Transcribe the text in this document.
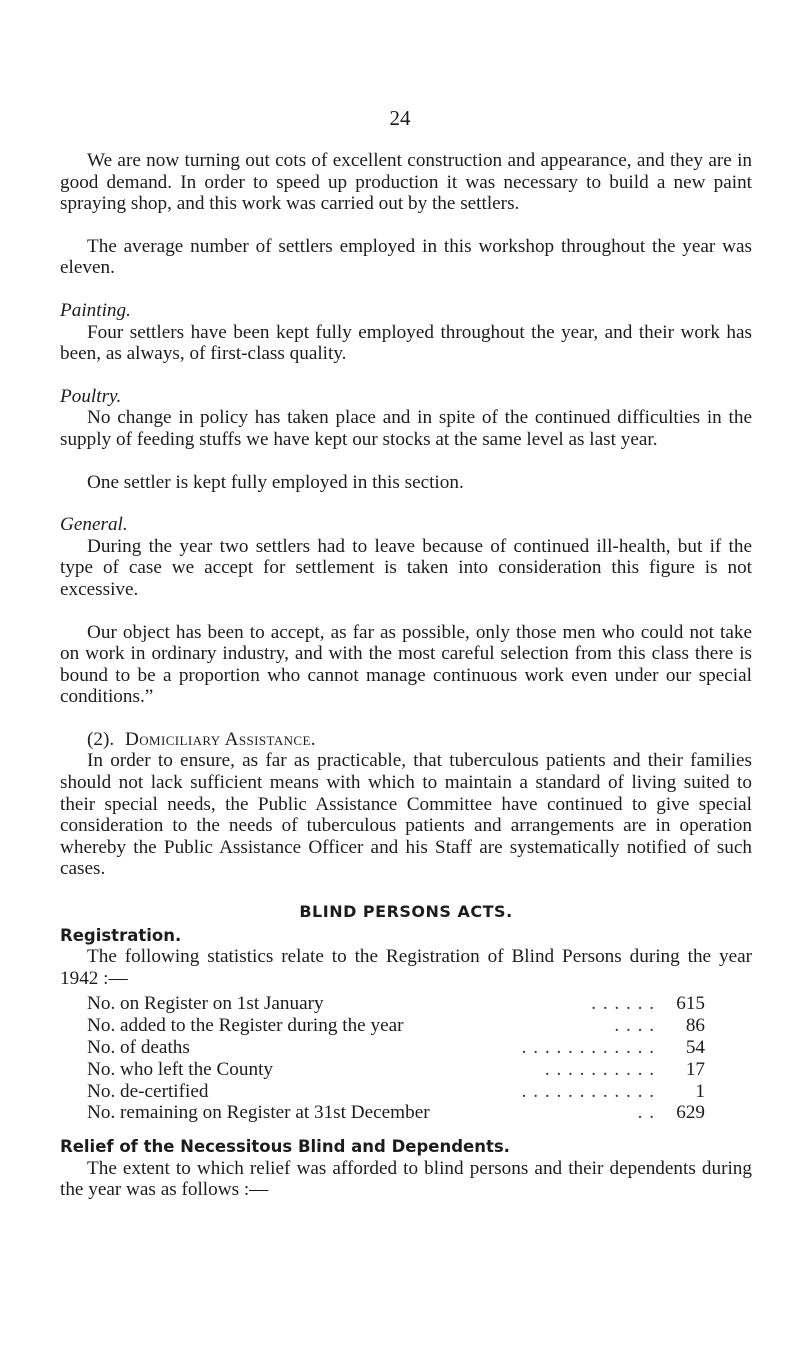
24

We are now turning out cots of excellent construction and appearance, and they are in good demand. In order to speed up production it was necessary to build a new paint spraying shop, and this work was carried out by the settlers.

The average number of settlers employed in this workshop throughout the year was eleven.

Painting.

Four settlers have been kept fully employed throughout the year, and their work has been, as always, of first-class quality.

Poultry.

No change in policy has taken place and in spite of the continued difficulties in the supply of feeding stuffs we have kept our stocks at the same level as last year.

One settler is kept fully employed in this section.

General.

During the year two settlers had to leave because of continued ill-health, but if the type of case we accept for settlement is taken into consideration this figure is not excessive.

Our object has been to accept, as far as possible, only those men who could not take on work in ordinary industry, and with the most careful selection from this class there is bound to be a proportion who cannot manage continuous work even under our special conditions.”

(2). Domiciliary Assistance.

In order to ensure, as far as practicable, that tuberculous patients and their families should not lack sufficient means with which to maintain a standard of living suited to their special needs, the Public Assistance Committee have continued to give special consideration to the needs of tuberculous patients and arrangements are in operation whereby the Public Assistance Officer and his Staff are systematically notified of such cases.

BLIND PERSONS ACTS.

Registration.

The following statistics relate to the Registration of Blind Persons during the year 1942 :—

No. on Register on 1st January	. . . . . .	615
No. added to the Register during the year	. . . .	86
No. of deaths	. . . . . . . . . . . .	54
No. who left the County	. . . . . . . . . .	17
No. de-certified	. . . . . . . . . . . .	1
No. remaining on Register at 31st December	. .	629

Relief of the Necessitous Blind and Dependents.

The extent to which relief was afforded to blind persons and their dependents during the year was as follows :—
